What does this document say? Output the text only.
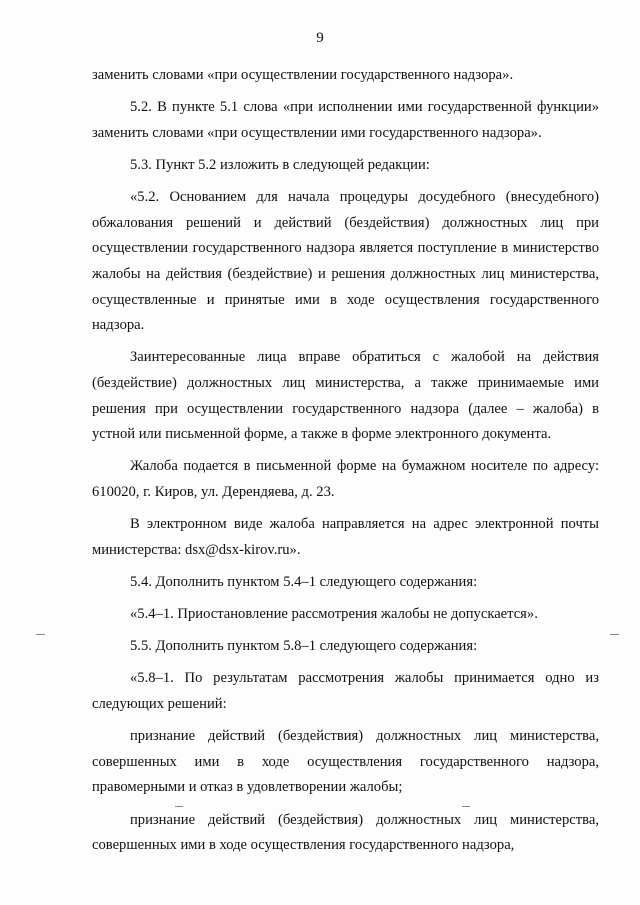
9

заменить словами «при осуществлении государственного надзора».

5.2. В пункте 5.1 слова «при исполнении ими государственной функции» заменить словами «при осуществлении ими государственного надзора».

5.3. Пункт 5.2 изложить в следующей редакции:

«5.2. Основанием для начала процедуры досудебного (внесудебного) обжалования решений и действий (бездействия) должностных лиц при осуществлении государственного надзора является поступление в министерство жалобы на действия (бездействие) и решения должностных лиц министерства, осуществленные и принятые ими в ходе осуществления государственного надзора.

Заинтересованные лица вправе обратиться с жалобой на действия (бездействие) должностных лиц министерства, а также принимаемые ими решения при осуществлении государственного надзора (далее – жалоба) в устной или письменной форме, а также в форме электронного документа.

Жалоба подается в письменной форме на бумажном носителе по адресу: 610020, г. Киров, ул. Дерендяева, д. 23.

В электронном виде жалоба направляется на адрес электронной почты министерства: dsx@dsx-kirov.ru».

5.4. Дополнить пунктом 5.4–1 следующего содержания:

«5.4–1. Приостановление рассмотрения жалобы не допускается».

5.5. Дополнить пунктом 5.8–1 следующего содержания:

«5.8–1. По результатам рассмотрения жалобы принимается одно из следующих решений:

признание действий (бездействия) должностных лиц министерства, совершенных ими в ходе осуществления государственного надзора, правомерными и отказ в удовлетворении жалобы;

признание действий (бездействия) должностных лиц министерства, совершенных ими в ходе осуществления государственного надзора,
